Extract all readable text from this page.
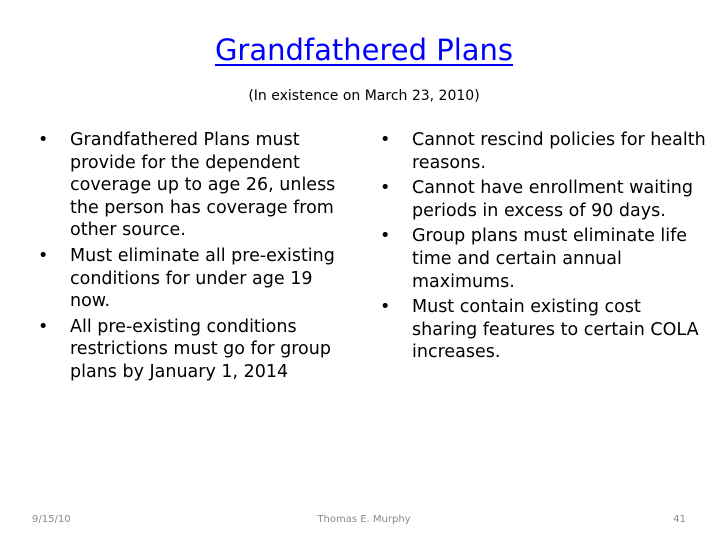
Grandfathered Plans
(In existence on March 23, 2010)
•	Grandfathered Plans must provide for the dependent coverage up to age 26, unless the person has coverage from other source.
•	Must eliminate all pre-existing conditions for under age 19 now.
•	All pre-existing conditions restrictions must go for group plans by January 1, 2014
•	Cannot rescind policies for health reasons.
•	Cannot have enrollment waiting periods in excess of 90 days.
•	Group plans must eliminate life time and certain annual maximums.
•	Must contain existing cost sharing features to certain COLA increases.
9/15/10	Thomas E. Murphy	41
